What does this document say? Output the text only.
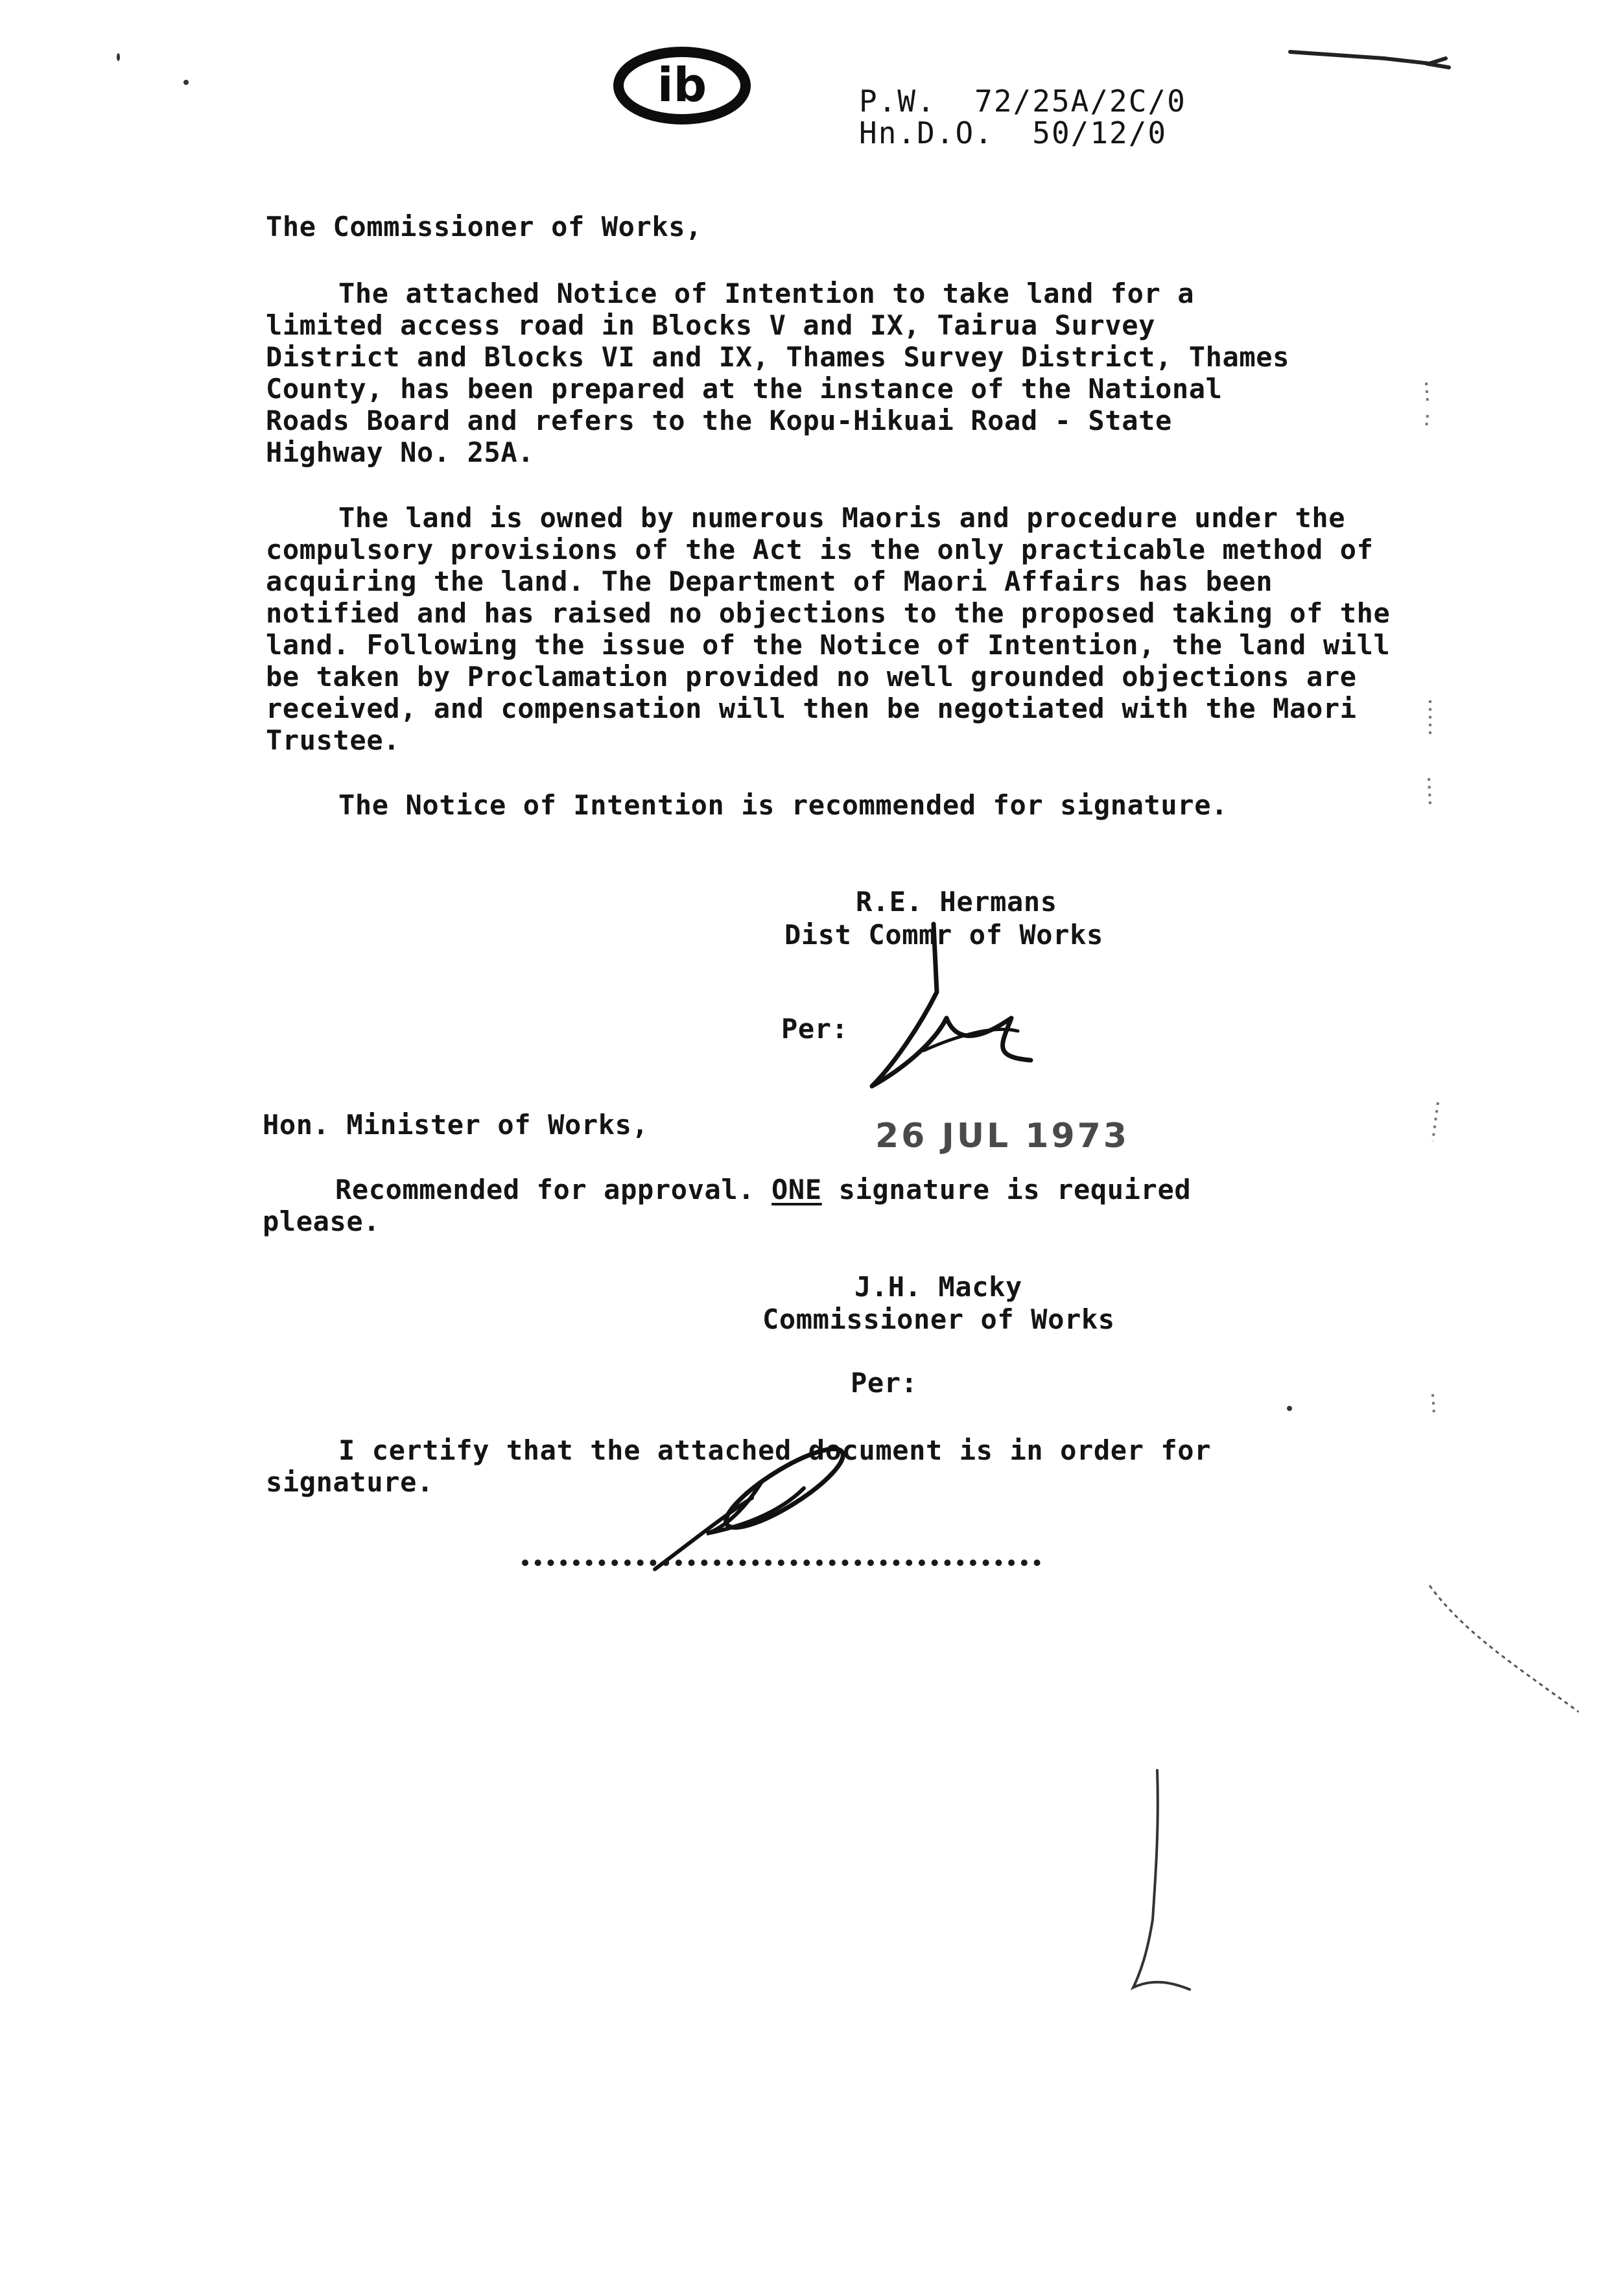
ib	P.W.  72/25A/2C/0
Hn.D.O.  50/12/0
The Commissioner of Works,
The attached Notice of Intention to take land for a limited access road in Blocks V and IX, Tairua Survey District and Blocks VI and IX, Thames Survey District, Thames County, has been prepared at the instance of the National Roads Board and refers to the Kopu-Hikuai Road - State Highway No. 25A.
The land is owned by numerous Maoris and procedure under the compulsory provisions of the Act is the only practicable method of acquiring the land. The Department of Maori Affairs has been notified and has raised no objections to the proposed taking of the land. Following the issue of the Notice of Intention, the land will be taken by Proclamation provided no well grounded objections are received, and compensation will then be negotiated with the Maori Trustee.
The Notice of Intention is recommended for signature.
R.E. Hermans
Dist Commr of Works
Per:
Hon. Minister of Works,	26 JUL 1973
Recommended for approval. ONE signature is required please.
J.H. Macky
Commissioner of Works
Per:
I certify that the attached document is in order for signature.
